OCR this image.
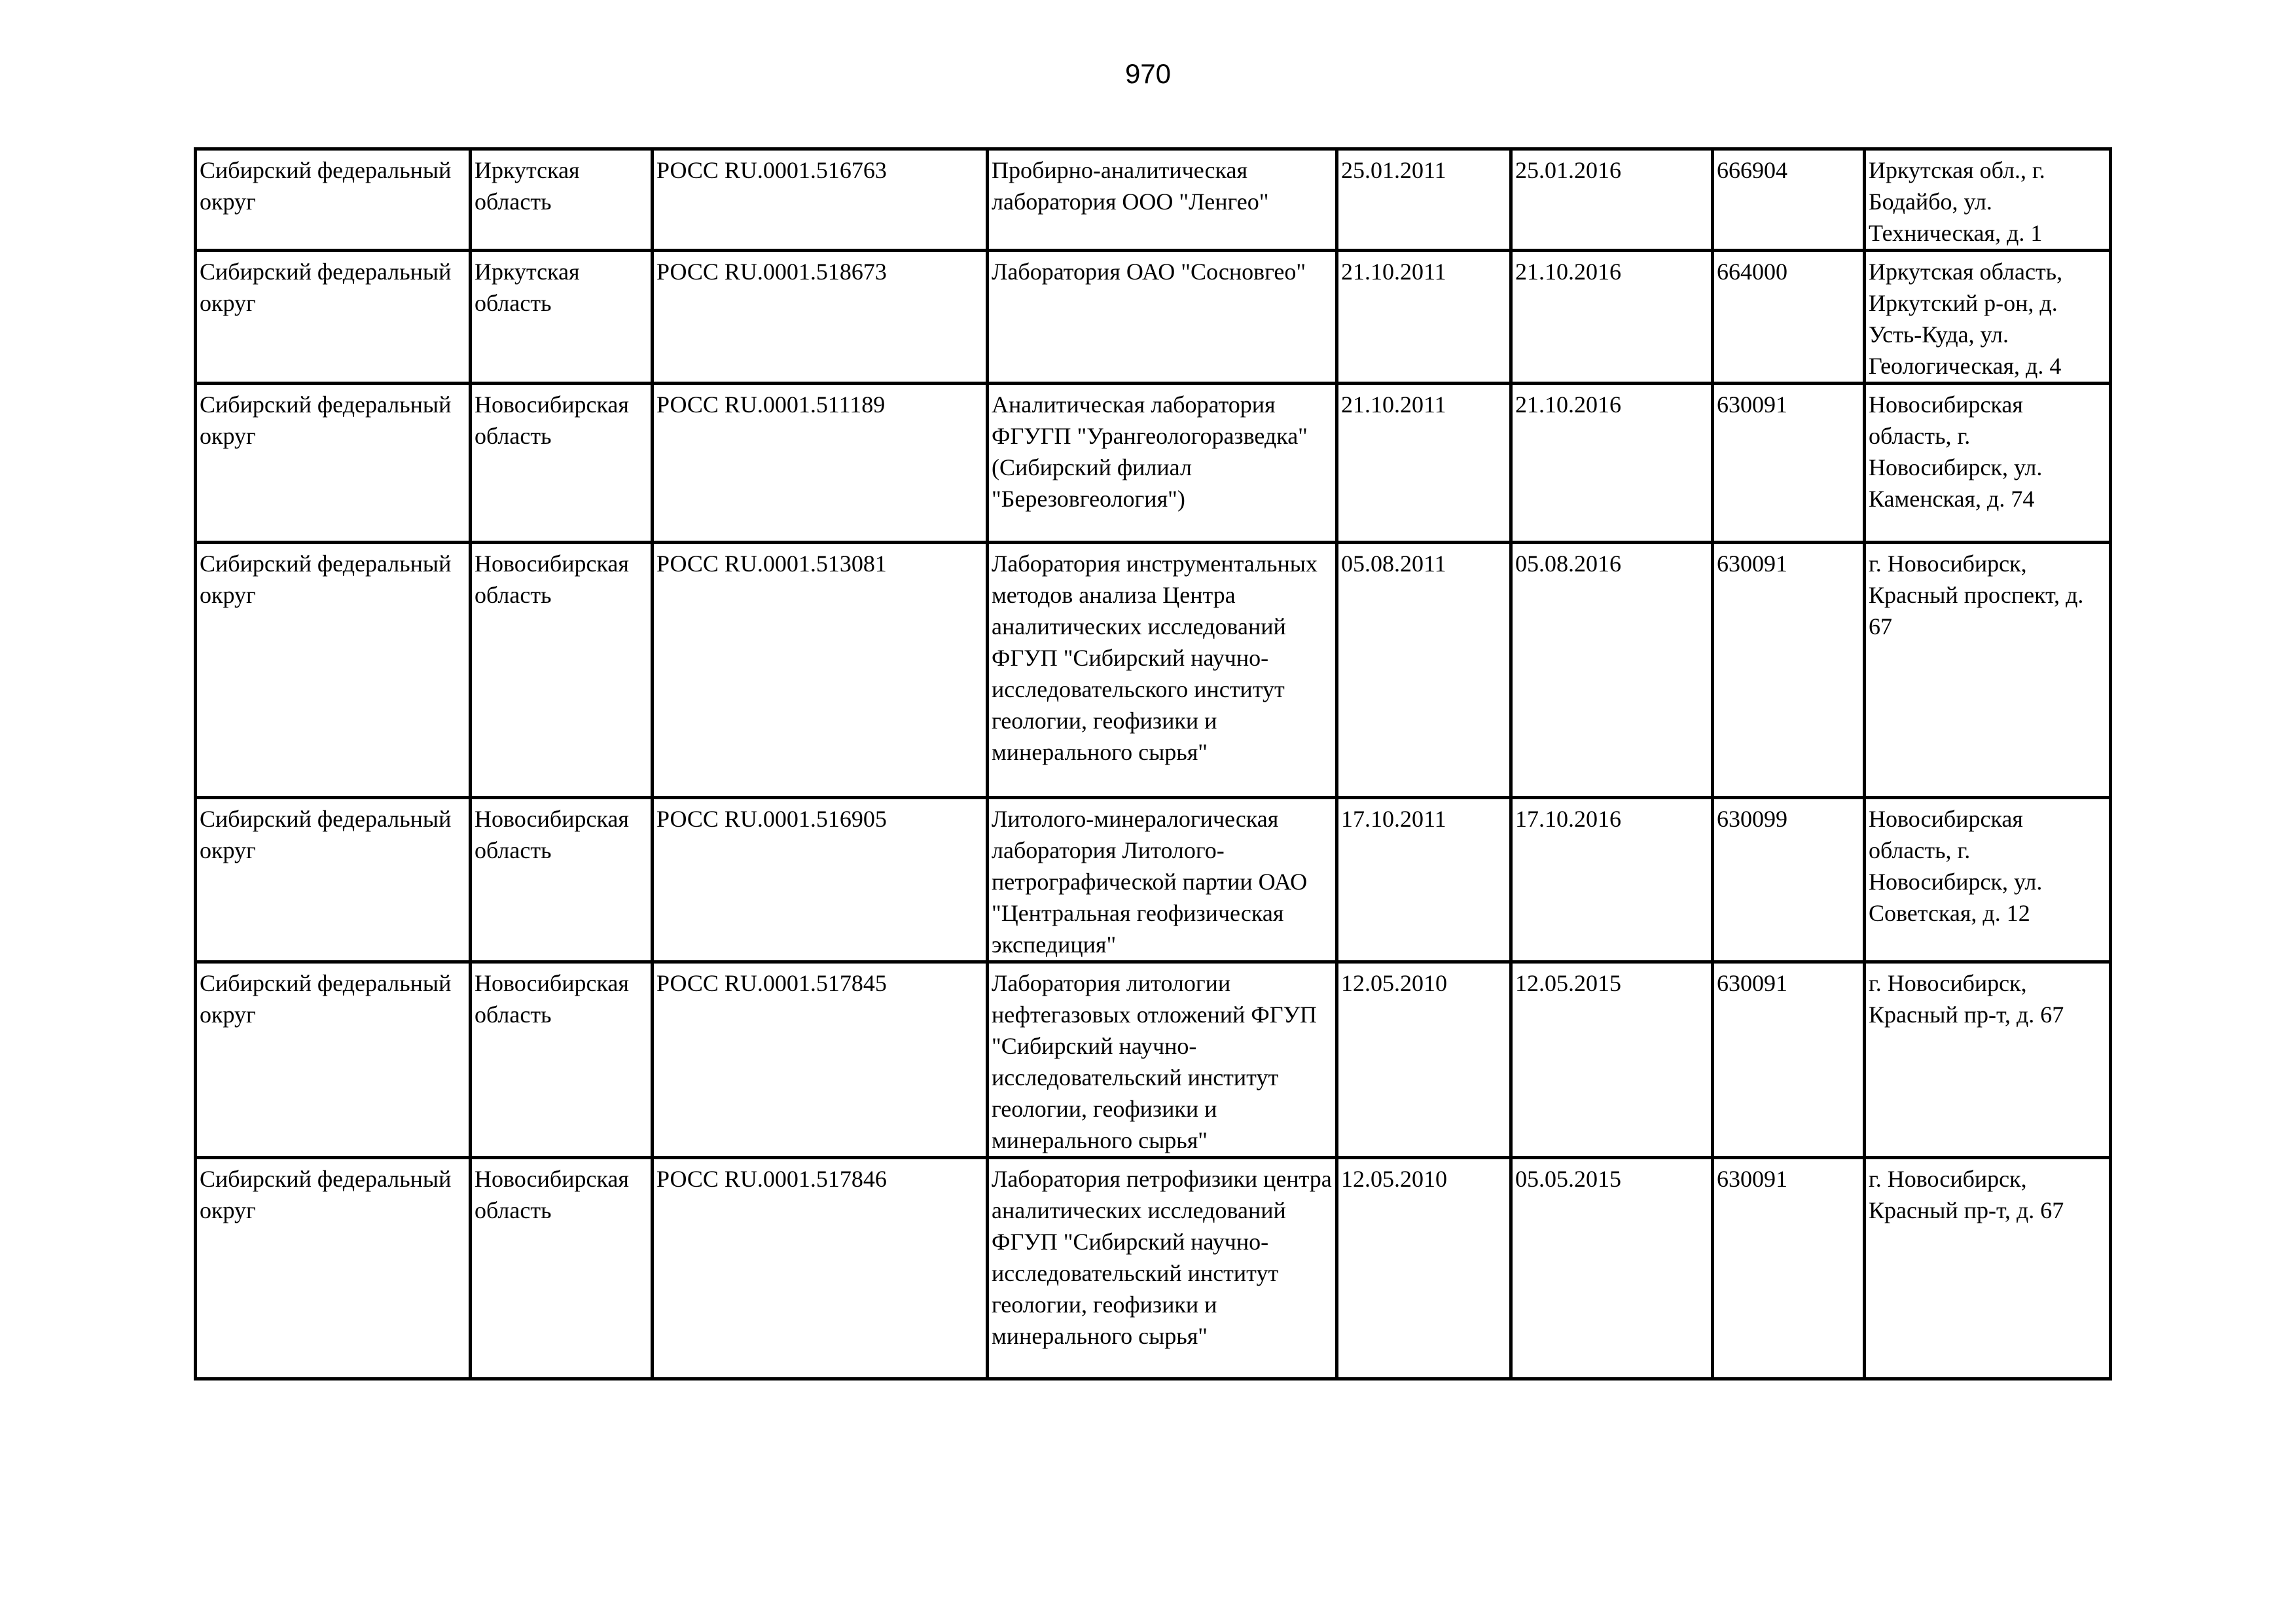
970
Сибирский федеральный округ	Иркутская область	РОСС RU.0001.516763	Пробирно-аналитическая лаборатория ООО "Ленгео"	25.01.2011	25.01.2016	666904	Иркутская обл., г. Бодайбо, ул. Техническая, д. 1
Сибирский федеральный округ	Иркутская область	РОСС RU.0001.518673	Лаборатория ОАО "Сосновгео"	21.10.2011	21.10.2016	664000	Иркутская область, Иркутский р-он, д. Усть-Куда, ул. Геологическая, д. 4
Сибирский федеральный округ	Новосибирская область	РОСС RU.0001.511189	Аналитическая лаборатория ФГУГП "Урангеологоразведка" (Сибирский филиал "Березовгеология")	21.10.2011	21.10.2016	630091	Новосибирская область, г. Новосибирск, ул. Каменская, д. 74
Сибирский федеральный округ	Новосибирская область	РОСС RU.0001.513081	Лаборатория инструментальных методов анализа Центра аналитических исследований ФГУП "Сибирский научно-исследовательского институт геологии, геофизики и минерального сырья"	05.08.2011	05.08.2016	630091	г. Новосибирск, Красный проспект, д. 67
Сибирский федеральный округ	Новосибирская область	РОСС RU.0001.516905	Литолого-минералогическая лаборатория Литолого-петрографической партии ОАО "Центральная геофизическая экспедиция"	17.10.2011	17.10.2016	630099	Новосибирская область, г. Новосибирск, ул. Советская, д. 12
Сибирский федеральный округ	Новосибирская область	РОСС RU.0001.517845	Лаборатория литологии нефтегазовых отложений ФГУП "Сибирский научно-исследовательский институт геологии, геофизики и минерального сырья"	12.05.2010	12.05.2015	630091	г. Новосибирск, Красный пр-т, д. 67
Сибирский федеральный округ	Новосибирская область	РОСС RU.0001.517846	Лаборатория петрофизики центра аналитических исследований ФГУП "Сибирский научно-исследовательский институт геологии, геофизики и минерального сырья"	12.05.2010	05.05.2015	630091	г. Новосибирск, Красный пр-т, д. 67
